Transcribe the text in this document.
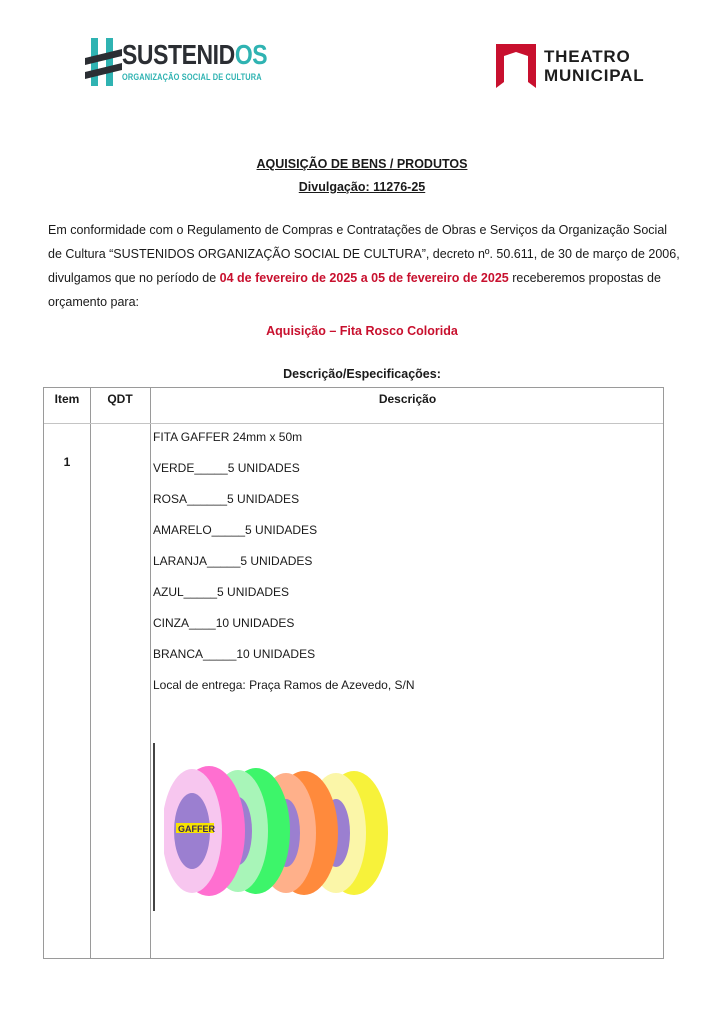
SUSTENIDOS
ORGANIZAÇÃO SOCIAL DE CULTURA
THEATRO
MUNICIPAL
AQUISIÇÃO DE BENS / PRODUTOS
Divulgação: 11276-25
Em conformidade com o Regulamento de Compras e Contratações de Obras e Serviços da Organização Social de Cultura “SUSTENIDOS ORGANIZAÇÃO SOCIAL DE CULTURA”, decreto nº. 50.611, de 30 de março de 2006, divulgamos que no período de 04 de fevereiro de 2025 a 05 de fevereiro de 2025 receberemos propostas de orçamento para:
Aquisição – Fita Rosco Colorida
Descrição/Especificações:
Item	QDT	Descrição
1
FITA GAFFER 24mm x 50m
VERDE_____5 UNIDADES
ROSA______5 UNIDADES
AMARELO_____5 UNIDADES
LARANJA_____5 UNIDADES
AZUL_____5 UNIDADES
CINZA____10 UNIDADES
BRANCA_____10 UNIDADES
Local de entrega: Praça Ramos de Azevedo, S/N
GAFFER
